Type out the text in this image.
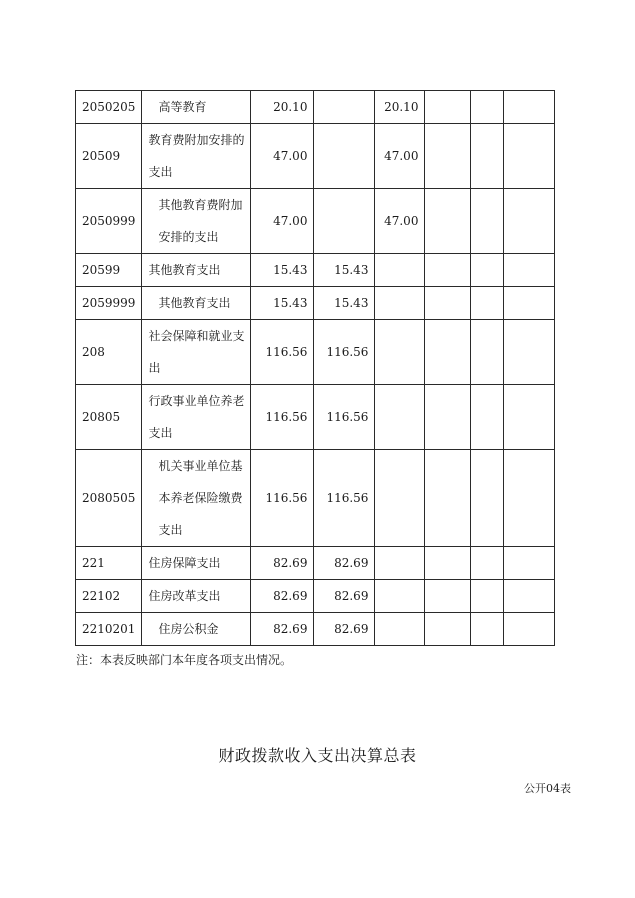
2050205	高等教育	20.10		20.10			
20509	教育费附加安排的支出	47.00		47.00			
2050999	其他教育费附加安排的支出	47.00		47.00			
20599	其他教育支出	15.43	15.43				
2059999	其他教育支出	15.43	15.43				
208	社会保障和就业支出	116.56	116.56				
20805	行政事业单位养老支出	116.56	116.56				
2080505	机关事业单位基本养老保险缴费支出	116.56	116.56				
221	住房保障支出	82.69	82.69				
22102	住房改革支出	82.69	82.69				
2210201	住房公积金	82.69	82.69				
注：本表反映部门本年度各项支出情况。
财政拨款收入支出决算总表
公开04表
